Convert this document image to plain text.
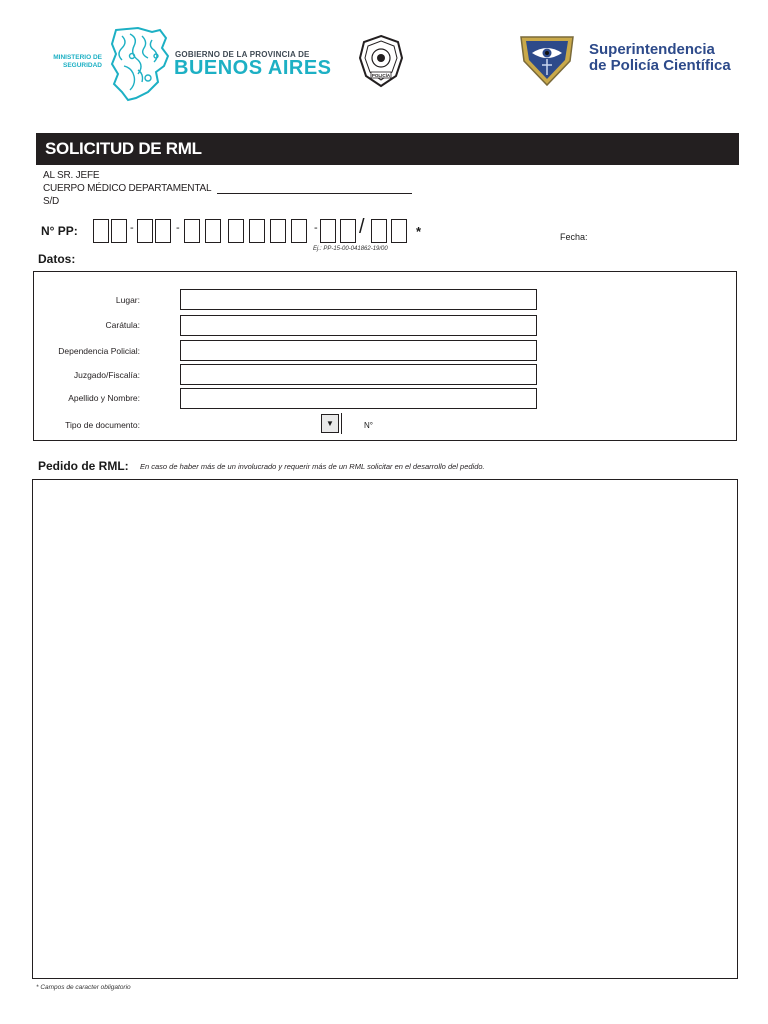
MINISTERIO DE
SEGURIDAD
GOBIERNO DE LA PROVINCIA DE
BUENOS AIRES	POLICÍA
Superintendencia
de Policía Científica
SOLICITUD DE RML
AL SR. JEFE
CUERPO MÉDICO DEPARTAMENTAL
S/D
N° PP:	-	-	- /	*
Ej.: PP-15-00-041862-19/00
Fecha:
Datos:
Lugar:
Carátula:
Dependencia Policial:
Juzgado/Fiscalía:
Apellido y Nombre:
Tipo de documento:	▼	N°
Pedido de RML: En caso de haber más de un involucrado y requerir más de un RML solicitar en el desarrollo del pedido.
* Campos de caracter obligatorio
